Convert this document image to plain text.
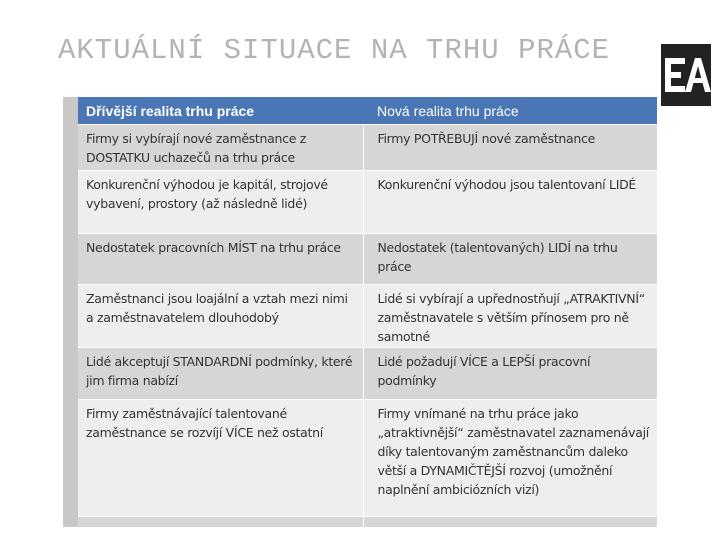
AKTUÁLNÍ SITUACE NA TRHU PRÁCE
Dřívější realita trhu práce	Nová realita trhu práce
Firmy si vybírají nové zaměstnance z DOSTATKU uchazečů na trhu práce	Firmy POTŘEBUJÍ nové zaměstnance
Konkurenční výhodou je kapitál, strojové vybavení, prostory (až následně lidé)	Konkurenční výhodou jsou talentovaní LIDÉ
Nedostatek pracovních MÍST na trhu práce	Nedostatek (talentovaných) LIDÍ na trhu práce
Zaměstnanci jsou loajální a vztah mezi nimi a zaměstnavatelem dlouhodobý	Lidé si vybírají a upřednostňují „ATRAKTIVNÍ“ zaměstnavatele s větším přínosem pro ně samotné
Lidé akceptují STANDARDNÍ podmínky, které jim firma nabízí	Lidé požadují VÍCE a LEPŠÍ pracovní podmínky
Firmy zaměstnávající talentované zaměstnance se rozvíjí VÍCE než ostatní	Firmy vnímané na trhu práce jako „atraktivnější“ zaměstnavatel zaznamenávají díky talentovaným zaměstnancům daleko větší a DYNAMIČTĚJŠÍ rozvoj (umožnění naplnění ambiciózních vizí)
